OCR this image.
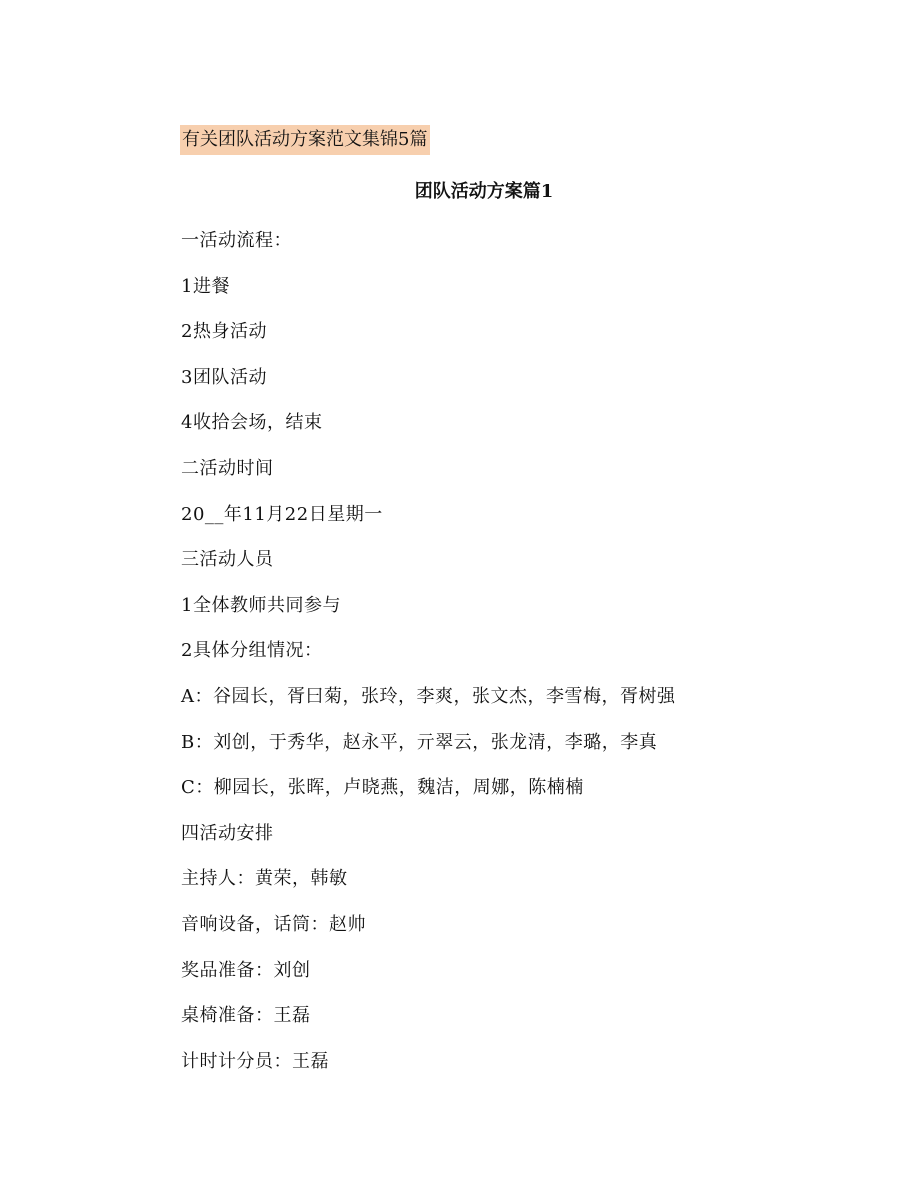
有关团队活动方案范文集锦5篇
团队活动方案篇1
一活动流程：
1进餐
2热身活动
3团队活动
4收拾会场，结束
二活动时间
20__年11月22日星期一
三活动人员
1全体教师共同参与
2具体分组情况：
A：谷园长，胥曰菊，张玲，李爽，张文杰，李雪梅，胥树强
B：刘创，于秀华，赵永平，亓翠云，张龙清，李璐，李真
C：柳园长，张晖，卢晓燕，魏洁，周娜，陈楠楠
四活动安排
主持人：黄荣，韩敏
音响设备，话筒：赵帅
奖品准备：刘创
桌椅准备：王磊
计时计分员：王磊
